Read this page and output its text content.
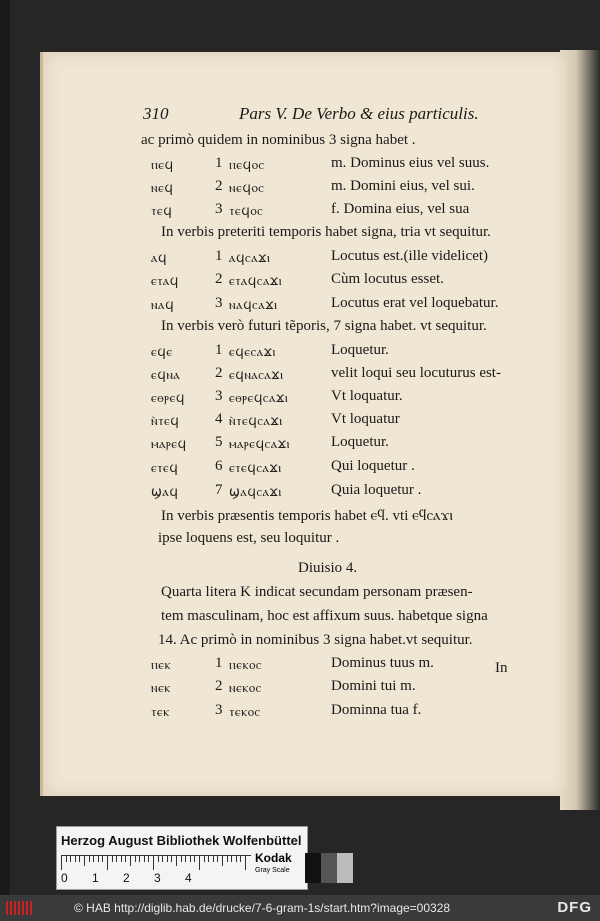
310	Pars V. De Verbo & eius particulis.
ac primò quidem in nominibus 3 signa habet .
ⲡⲉϥ	1 ⲡⲉϥⲟⲥ	m. Dominus eius vel suus.
ⲛⲉϥ	2 ⲛⲉϥⲟⲥ	m. Domini eius, vel sui.
ⲧⲉϥ	3 ⲧⲉϥⲟⲥ	f. Domina eius, vel sua
In verbis preteriti temporis habet signa, tria vt sequitur.
ⲁϥ	1 ⲁϥⲥⲁϫⲓ	Locutus est.(ille videlicet)
ⲉⲧⲁϥ 2 ⲉⲧⲁϥⲥⲁϫⲓ	Cùm locutus esset.
ⲛⲁϥ	3 ⲛⲁϥⲥⲁϫⲓ	Locutus erat vel loquebatur.
In verbis verò futuri tẽporis, 7 signa habet. vt sequitur.
ⲉϥⲉ	1 ⲉϥⲉⲥⲁϫⲓ	Loquetur.
ⲉϥⲛⲁ 2 ⲉϥⲛⲁⲥⲁϫⲓ	velit loqui seu locuturus est-
ⲉⲑⲣⲉϥ 3 ⲉⲑⲣⲉϥⲥⲁϫⲓ	Vt loquatur.
ⲛ̀ⲧⲉϥ 4 ⲛ̀ⲧⲉϥⲥⲁϫⲓ	Vt loquatur
ⲙⲁⲣⲉϥ 5 ⲙⲁⲣⲉϥⲥⲁϫⲓ	Loquetur.
ⲉⲧⲉϥ 6 ⲉⲧⲉϥⲥⲁϫⲓ	Qui loquetur .
ϣⲁϥ 7 ϣⲁϥⲥⲁϫⲓ	Quia loquetur .
In verbis præsentis temporis habet ⲉϥ. vti ⲉϥⲥⲁϫⲓ
ipse loquens est, seu loquitur .
Diuisio 4.
Quarta litera K indicat secundam personam præsen-
tem masculinam, hoc est affixum suus. habetque signa
14. Ac primò in nominibus 3 signa habet.vt sequitur.
ⲡⲉⲕ	1 ⲡⲉⲕⲟⲥ	Dominus tuus m.
ⲛⲉⲕ	2 ⲛⲉⲕⲟⲥ	Domini tui m.
ⲧⲉⲕ	3 ⲧⲉⲕⲟⲥ	Dominna tua f.
In
Herzog August Bibliothek Wolfenbüttel
0 1 2 3 4
Kodak
Gray Scale
© HAB http://diglib.hab.de/drucke/7-6-gram-1s/start.htm?image=00328	DFG
